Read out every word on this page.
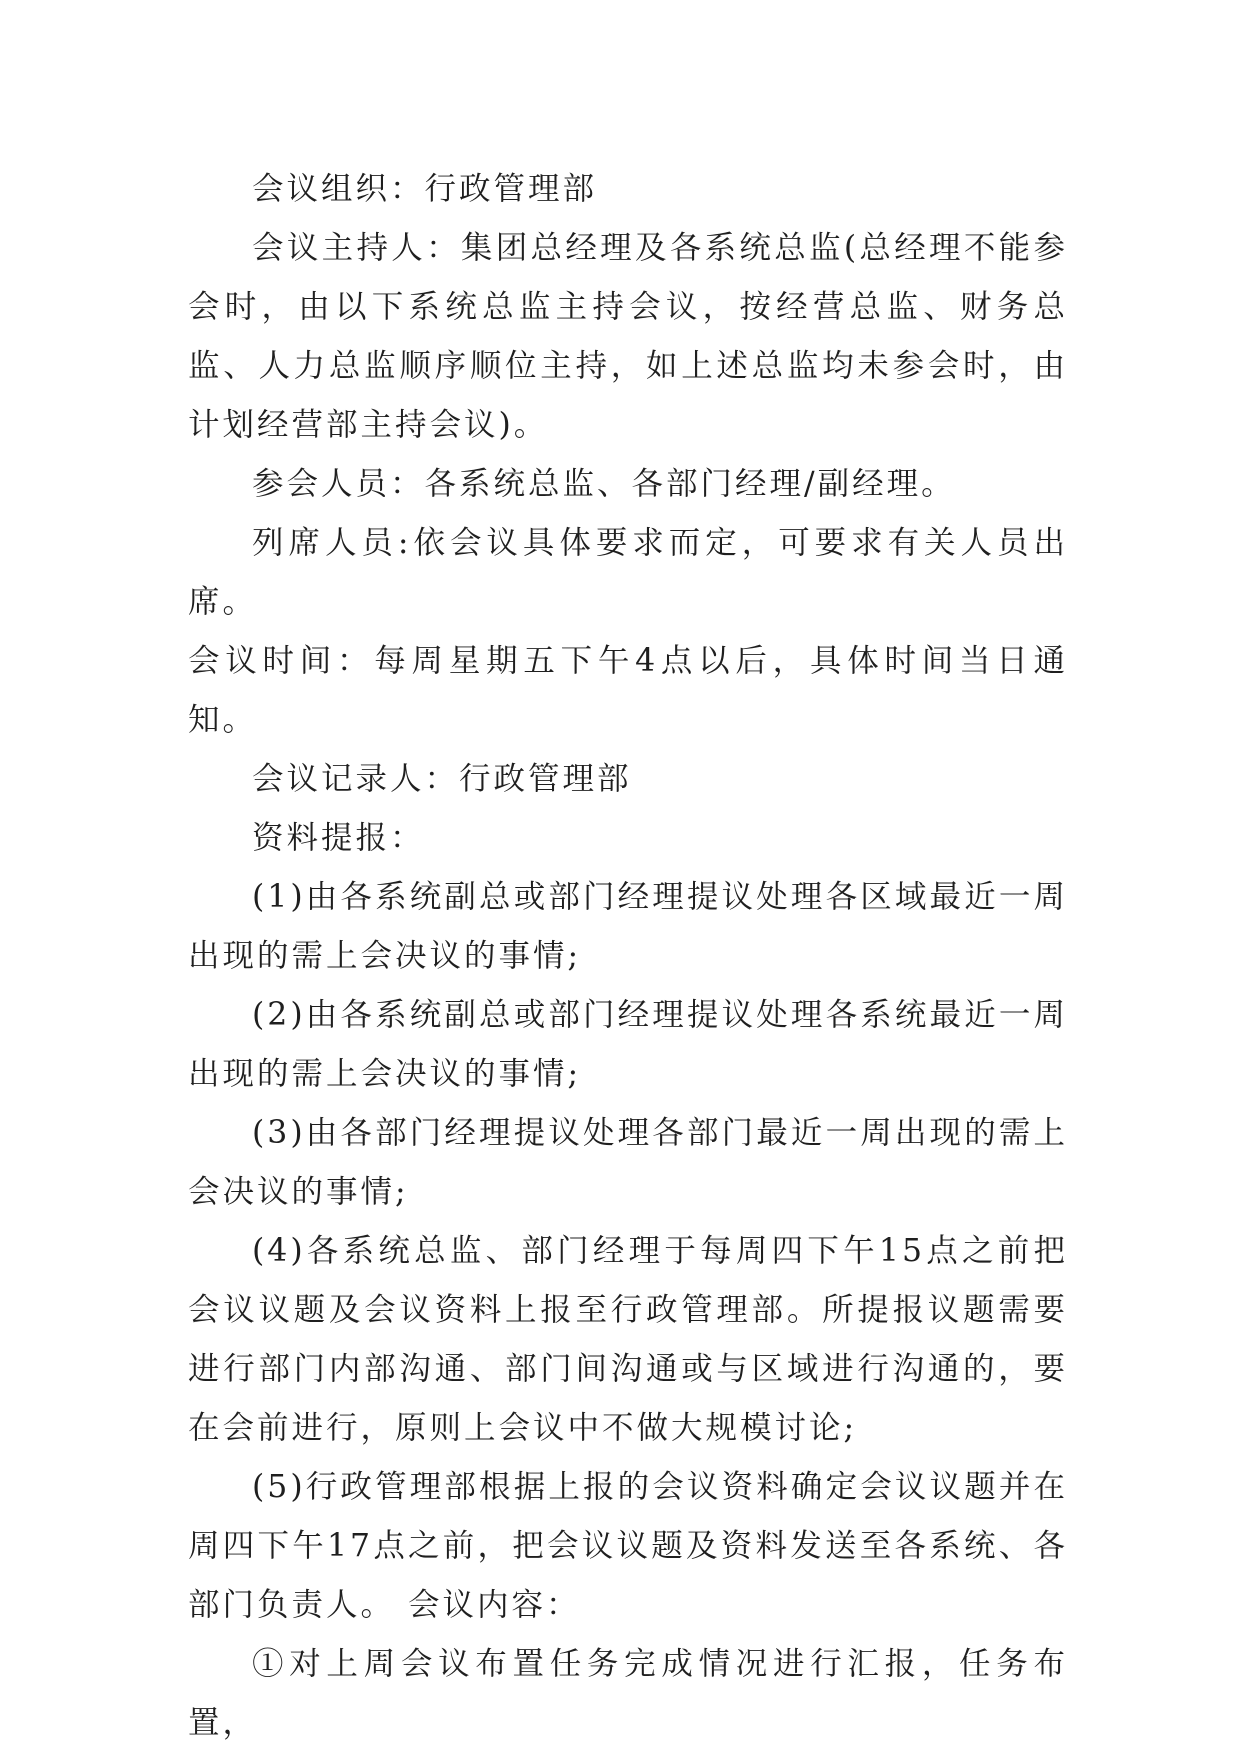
会议组织：行政管理部

会议主持人：集团总经理及各系统总监(总经理不能参会时，由以下系统总监主持会议，按经营总监、财务总监、人力总监顺序顺位主持，如上述总监均未参会时，由计划经营部主持会议)。

参会人员：各系统总监、各部门经理/副经理。

列席人员:依会议具体要求而定，可要求有关人员出席。

会议时间：每周星期五下午4点以后，具体时间当日通知。

会议记录人：行政管理部

资料提报：

(1)由各系统副总或部门经理提议处理各区域最近一周出现的需上会决议的事情;

(2)由各系统副总或部门经理提议处理各系统最近一周出现的需上会决议的事情;

(3)由各部门经理提议处理各部门最近一周出现的需上会决议的事情;

(4)各系统总监、部门经理于每周四下午15点之前把会议议题及会议资料上报至行政管理部。所提报议题需要进行部门内部沟通、部门间沟通或与区域进行沟通的，要在会前进行，原则上会议中不做大规模讨论;

(5)行政管理部根据上报的会议资料确定会议议题并在周四下午17点之前，把会议议题及资料发送至各系统、各部门负责人。 会议内容：

①对上周会议布置任务完成情况进行汇报，任务布置，
